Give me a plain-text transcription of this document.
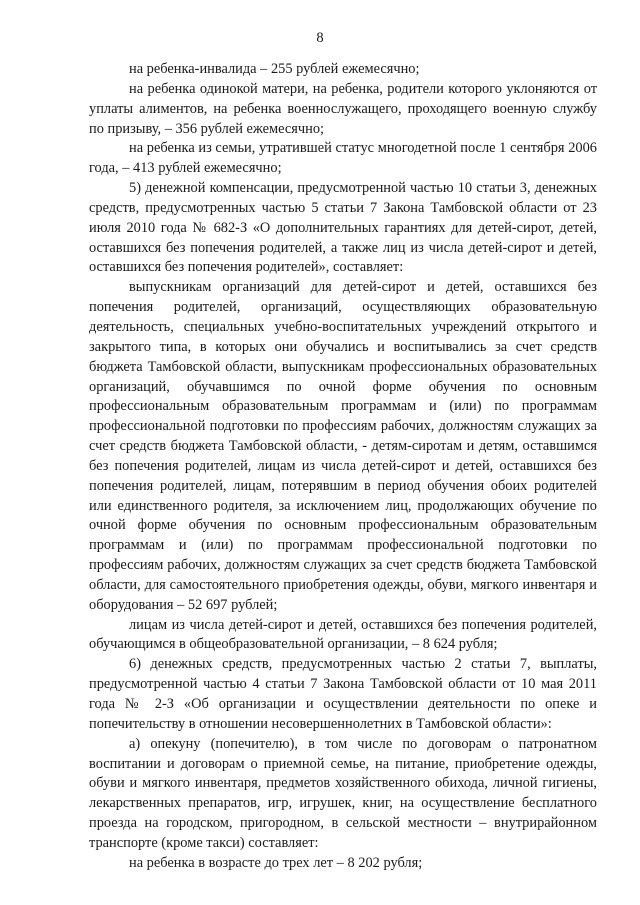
8

на ребенка-инвалида – 255 рублей ежемесячно;

на ребенка одинокой матери, на ребенка, родители которого уклоняются от уплаты алиментов, на ребенка военнослужащего, проходящего военную службу по призыву, – 356 рублей ежемесячно;

на ребенка из семьи, утратившей статус многодетной после 1 сентября 2006 года, – 413 рублей ежемесячно;

5) денежной компенсации, предусмотренной частью 10 статьи 3, денежных средств, предусмотренных частью 5 статьи 7 Закона Тамбовской области от 23 июля 2010 года № 682-З «О дополнительных гарантиях для детей-сирот, детей, оставшихся без попечения родителей, а также лиц из числа детей-сирот и детей, оставшихся без попечения родителей», составляет:

выпускникам организаций для детей-сирот и детей, оставшихся без попечения родителей, организаций, осуществляющих образовательную деятельность, специальных учебно-воспитательных учреждений открытого и закрытого типа, в которых они обучались и воспитывались за счет средств бюджета Тамбовской области, выпускникам профессиональных образовательных организаций, обучавшимся по очной форме обучения по основным профессиональным образовательным программам и (или) по программам профессиональной подготовки по профессиям рабочих, должностям служащих за счет средств бюджета Тамбовской области, - детям-сиротам и детям, оставшимся без попечения родителей, лицам из числа детей-сирот и детей, оставшихся без попечения родителей, лицам, потерявшим в период обучения обоих родителей или единственного родителя, за исключением лиц, продолжающих обучение по очной форме обучения по основным профессиональным образовательным программам и (или) по программам профессиональной подготовки по профессиям рабочих, должностям служащих за счет средств бюджета Тамбовской области, для самостоятельного приобретения одежды, обуви, мягкого инвентаря и оборудования – 52 697 рублей;

лицам из числа детей-сирот и детей, оставшихся без попечения родителей, обучающимся в общеобразовательной организации, – 8 624 рубля;

6) денежных средств, предусмотренных частью 2 статьи 7, выплаты, предусмотренной частью 4 статьи 7 Закона Тамбовской области от 10 мая 2011 года № 2-З «Об организации и осуществлении деятельности по опеке и попечительству в отношении несовершеннолетних в Тамбовской области»:

а) опекуну (попечителю), в том числе по договорам о патронатном воспитании и договорам о приемной семье, на питание, приобретение одежды, обуви и мягкого инвентаря, предметов хозяйственного обихода, личной гигиены, лекарственных препаратов, игр, игрушек, книг, на осуществление бесплатного проезда на городском, пригородном, в сельской местности – внутрирайонном транспорте (кроме такси) составляет:

на ребенка в возрасте до трех лет – 8 202 рубля;
